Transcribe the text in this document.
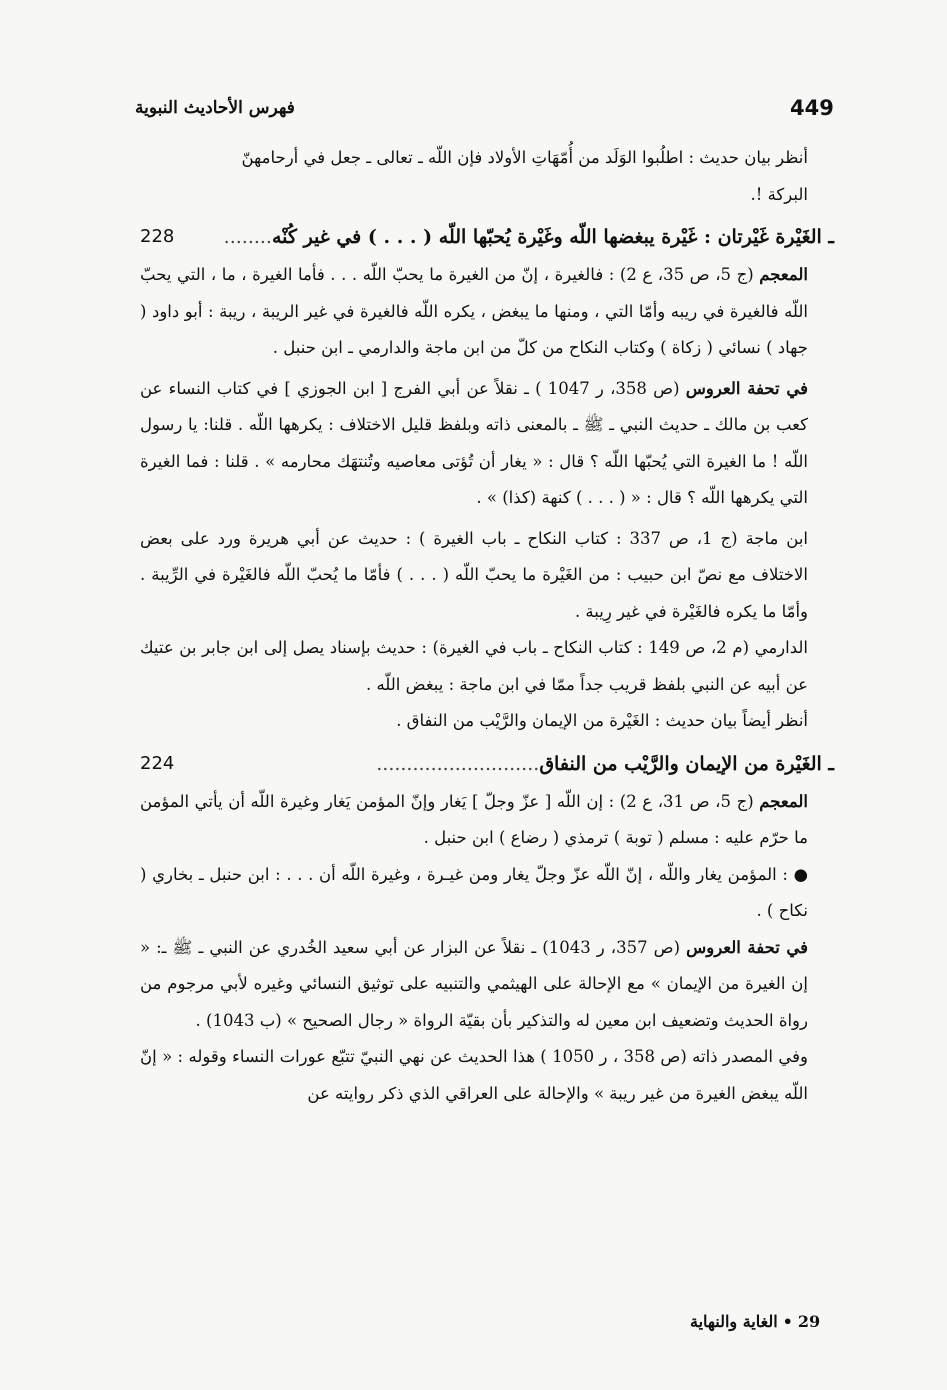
فهرس الأحاديث النبوية	449

أنظر بيان حديث : اطلُبوا الوَلَد من أُمّهَاتِ الأولاد فإن اللّه ـ تعالى ـ جعل في أرحامهنّ

البركة !.

ـ الغَيْرة غَيْرتان : غَيْرة يبغضها اللّه وغَيْرة يُحبّها اللّه ( . . . ) في غير كُنْه........
228

المعجم (ج 5، ص 35، ع 2) : فالغيرة ، إنّ من الغيرة ما يحبّ اللّه . . . فأما الغيرة ، ما ، التي يحبّ اللّه فالغيرة في ريبه وأمّا التي ، ومنها ما يبغض ، يكره اللّه فالغيرة في غير الريبة ، ريبة : أبو داود ( جهاد ) نسائي ( زكاة ) وكتاب النكاح من كلّ من ابن ماجة والدارمي ـ ابن حنبل .

في تحفة العروس (ص 358، ر 1047 ) ـ نقلاً عن أبي الفرج [ ابن الجوزي ] في كتاب النساء عن كعب بن مالك ـ حديث النبي ـ ﷺ ـ بالمعنى ذاته وبلفظ قليل الاختلاف : يكرهها اللّه . قلنا: يا رسول اللّه ! ما الغيرة التي يُحبّها اللّه ؟ قال : « يغار أن تُؤتى معاصيه وتُنتهَك محارمه » . قلنا : فما الغيرة التي يكرهها اللّه ؟ قال : « ( . . . ) كنهة (كذا) » .

ابن ماجة (ج 1، ص 337 : كتاب النكاح ـ باب الغيرة ) : حديث عن أبي هريرة ورد على بعض الاختلاف مع نصّ ابن حبيب : من الغَيْرة ما يحبّ اللّه ( . . . ) فأمّا ما يُحبّ اللّه فالغَيْرة في الرِّيبة . وأمّا ما يكره فالغَيْرة في غير رِيبة .

الدارمي (م 2، ص 149 : كتاب النكاح ـ باب في الغيرة) : حديث بإسناد يصل إلى ابن جابر بن عتيك عن أبيه عن النبي بلفظ قريب جداً ممّا في ابن ماجة : يبغض اللّه .

أنظر أيضاً بيان حديث : الغَيْرة من الإيمان والرَّيْب من النفاق .

ـ الغَيْرة من الإيمان والرَّيْب من النفاق...........................
224

المعجم (ج 5، ص 31، ع 2) : إن اللّه [ عزّ وجلّ ] يَغار وإنّ المؤمن يَغار وغيرة اللّه أن يأتي المؤمن ما حرّم عليه : مسلم ( توبة ) ترمذي ( رضاع ) ابن حنبل .

● : المؤمن يغار واللّه ، إنّ اللّه عزّ وجلّ يغار ومن غيـرة ، وغيرة اللّه أن . . . : ابن حنبل ـ بخاري ( نكاح ) .

في تحفة العروس (ص 357، ر 1043) ـ نقلاً عن البزار عن أبي سعيد الخُدري عن النبي ـ ﷺ ـ: « إن الغيرة من الإيمان » مع الإحالة على الهيثمي والتنبيه على توثيق النسائي وغيره لأبي مرجوم من رواة الحديث وتضعيف ابن معين له والتذكير بأن بقيّة الرواة « رجال الصحيح » (ب 1043) .

وفي المصدر ذاته (ص 358 ، ر 1050 ) هذا الحديث عن نهي النبيّ تتبّع عورات النساء وقوله : « إنّ اللّه يبغض الغيرة من غير ريبة » والإحالة على العراقي الذي ذكر روايته عن

29•الغاية والنهاية
